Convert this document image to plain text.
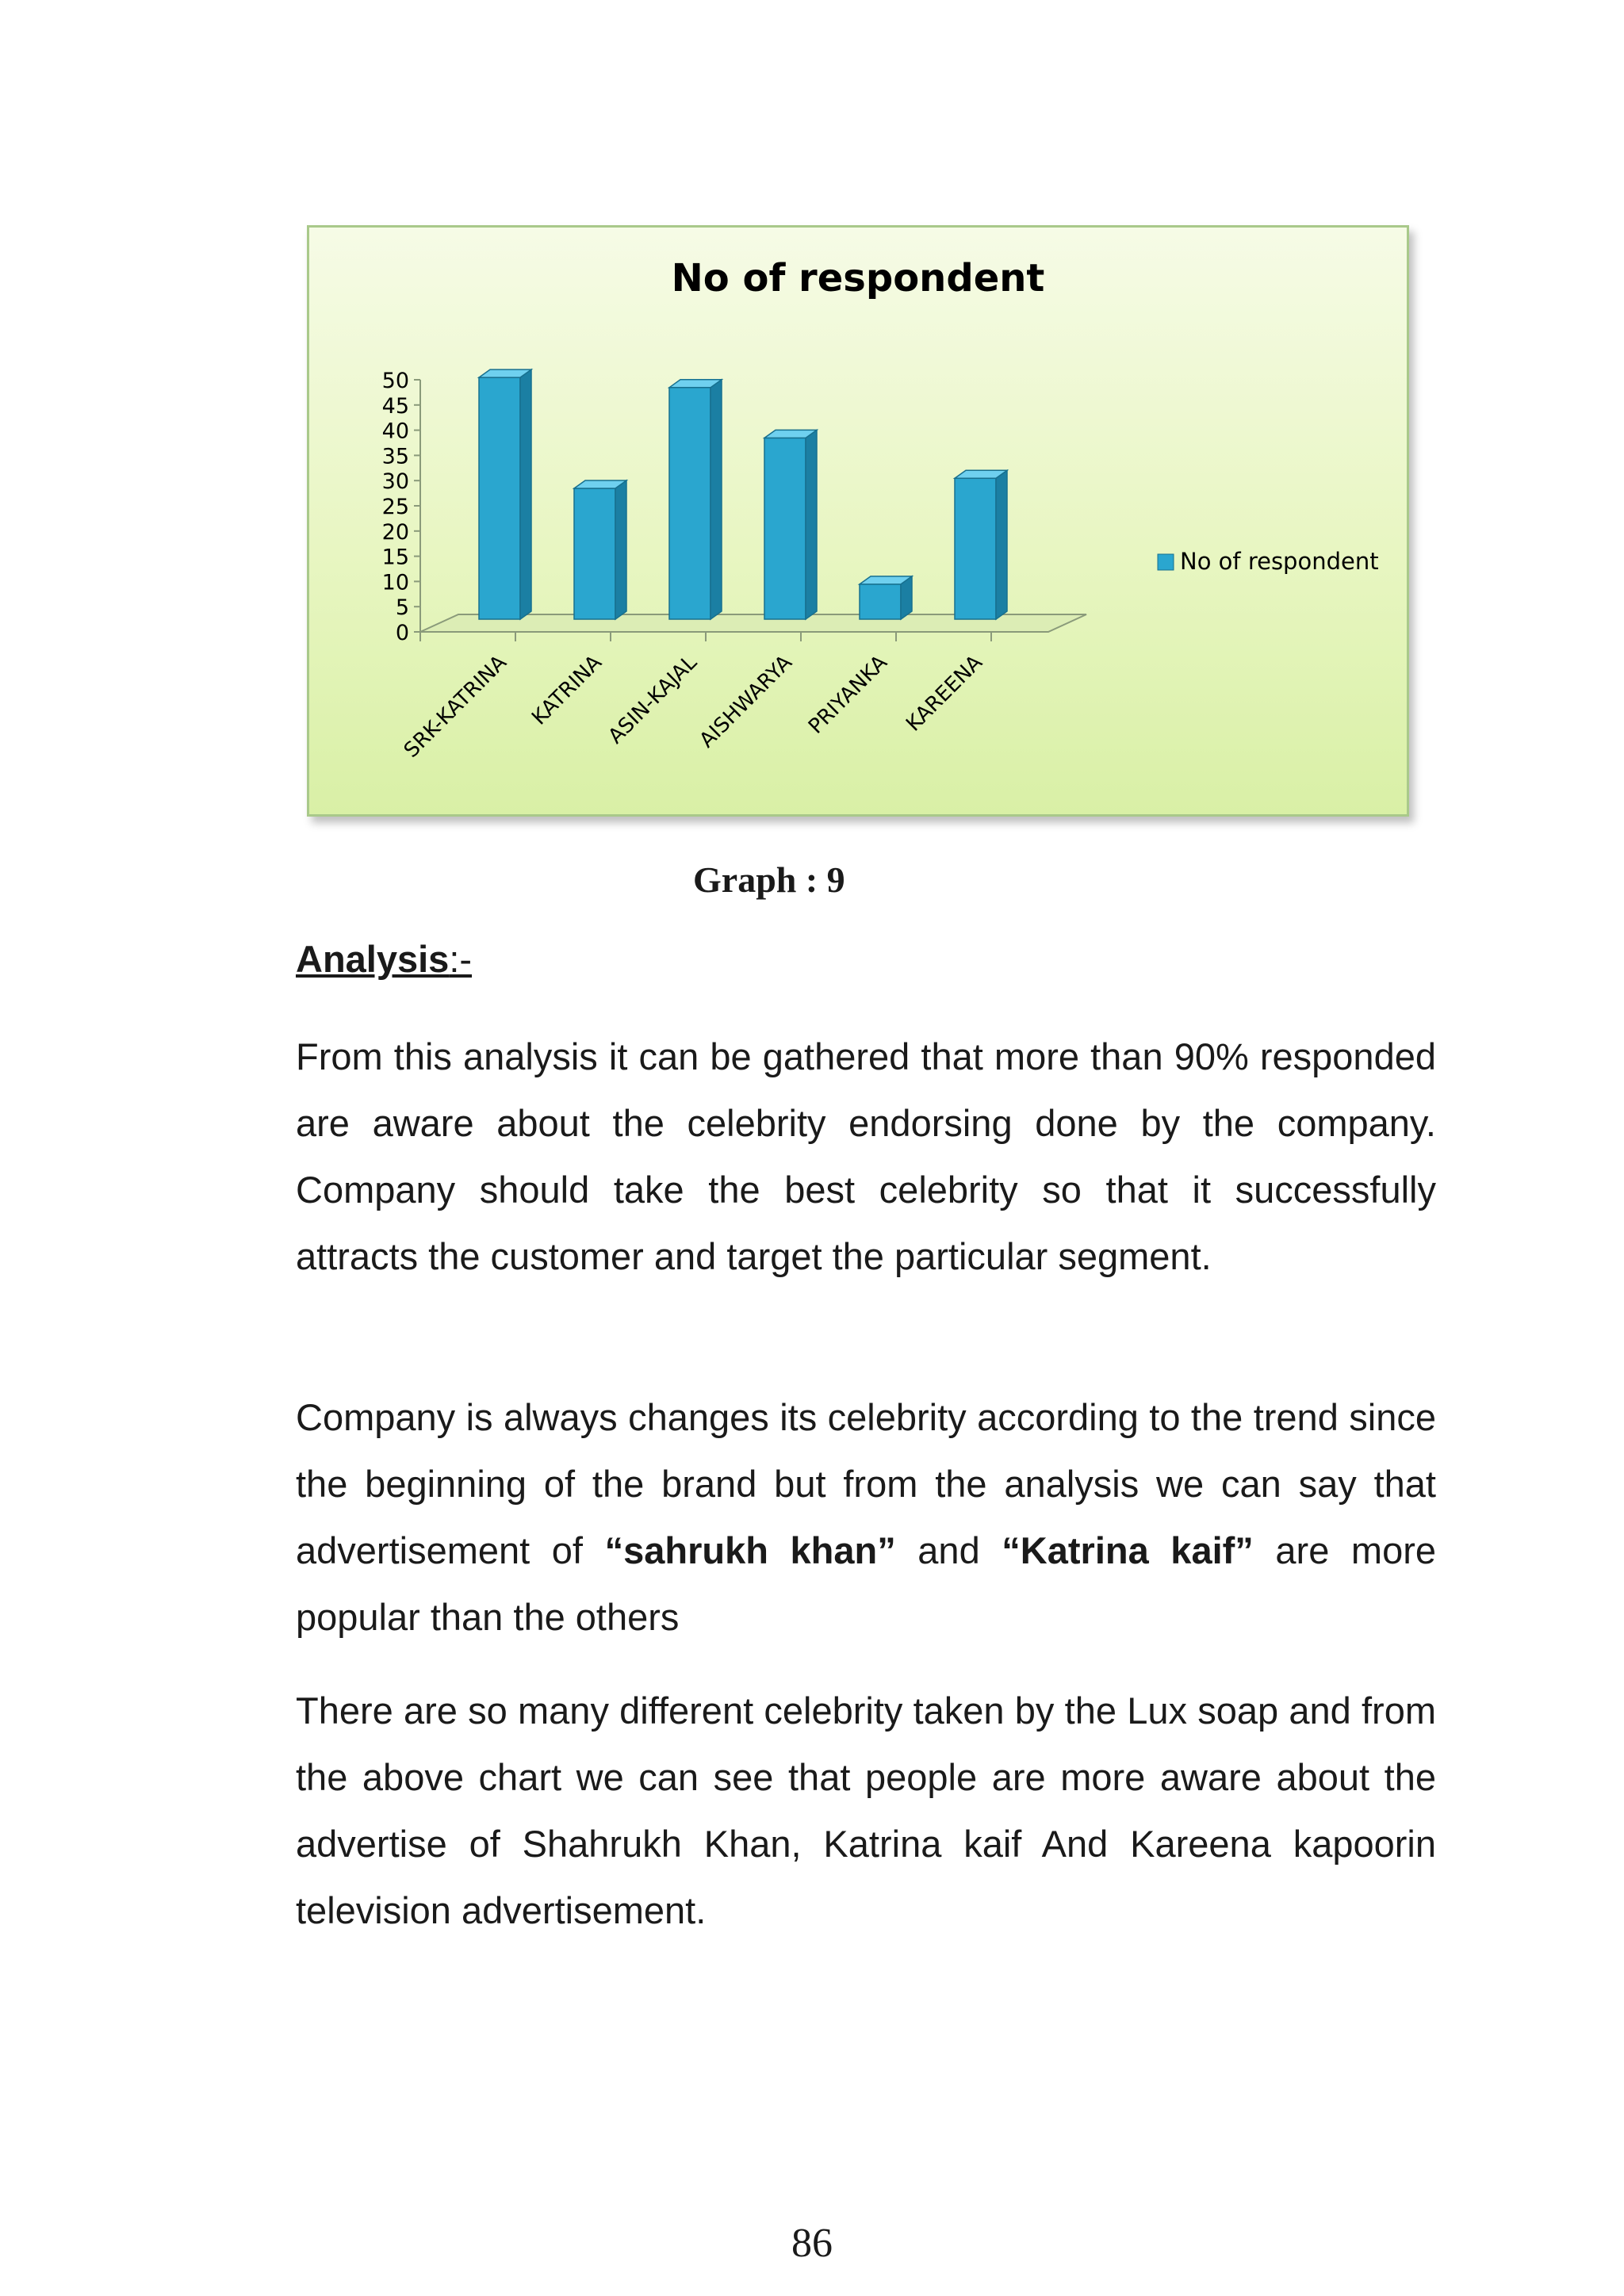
No of respondent
0
5
10
15
20
25
30
35
40
45
50
SRK-KATRINA KATRINA
ASIN-KAJAL
AISHWARYA PRIYANKA KAREENA
No of respondent

Graph : 9

Analysis:-

From this analysis it can be gathered that more than 90% responded are aware about the celebrity endorsing done by the company. Company should take the best celebrity so that it successfully attracts the customer and target the particular segment.

Company is always changes its celebrity according to the trend since the beginning of the brand but from the analysis we can say that advertisement of “sahrukh khan” and “Katrina kaif” are more popular than the others

There are so many different celebrity taken by the Lux soap and from the above chart we can see that people are more aware about the advertise of Shahrukh Khan, Katrina kaif And Kareena kapoorin television advertisement.

86
